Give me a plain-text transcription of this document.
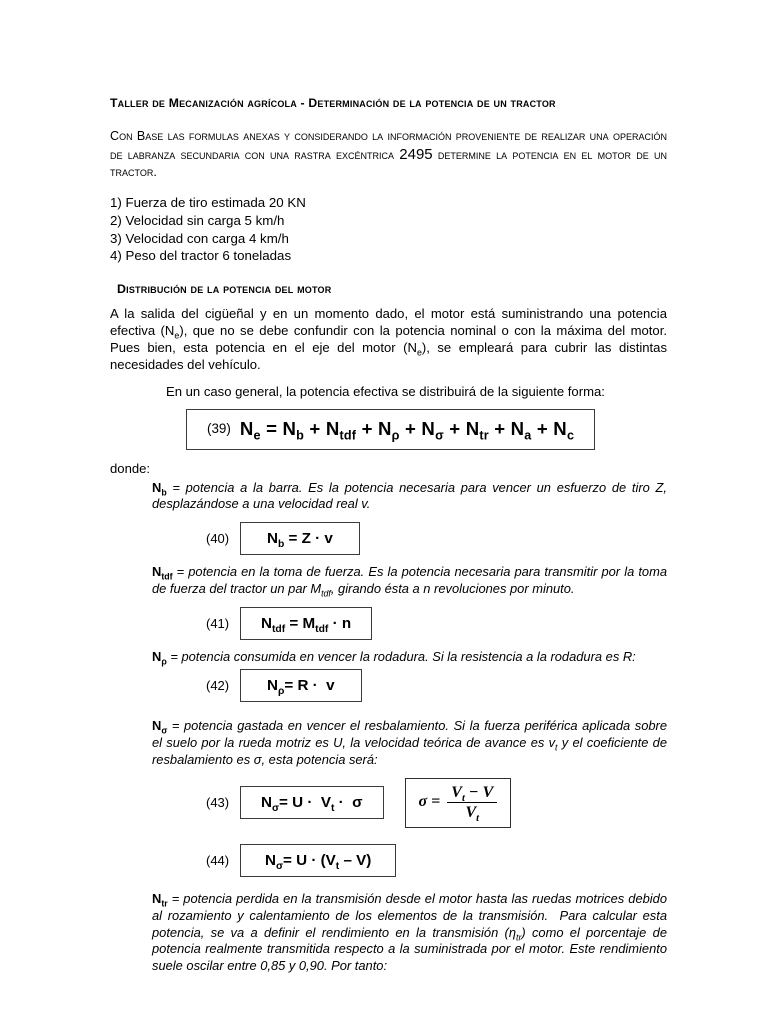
Taller de Mecanización agrícola - Determinación de la potencia de un tractor

Con Base las formulas anexas y considerando la información proveniente de realizar una operación de labranza secundaria con una rastra excéntrica 2495 determine la potencia en el motor de un tractor.

1) Fuerza de tiro estimada 20 KN
2) Velocidad sin carga 5 km/h
3) Velocidad con carga 4 km/h
4) Peso del tractor 6 toneladas
Distribución de la potencia del motor

A la salida del cigüeñal y en un momento dado, el motor está suministrando una potencia efectiva $(N_e)$, que no se debe confundir con la potencia nominal o con la máxima del motor. Pues bien, esta potencia en el eje del motor $(N_e)$, se empleará para cubrir las distintas necesidades del vehículo.

En un caso general, la potencia efectiva se distribuirá de la siguiente forma:

(39) $N_e = N_b + N_{tdf} + N_\rho + N_\sigma + N_{tr} + N_a + N_c$

donde:

$N_b$ = potencia a la barra. Es la potencia necesaria para vencer un esfuerzo de tiro Z, desplazándose a una velocidad real v.

(40)	$N_b = Z \cdot v$

$N_{tdf}$ = potencia en la toma de fuerza. Es la potencia necesaria para transmitir por la toma de fuerza del tractor un par $M_{tdf}$, girando ésta a n revoluciones por minuto.

(41)	$N_{tdf} = M_{tdf} \cdot n$

$N_\rho$ = potencia consumida en vencer la rodadura. Si la resistencia a la rodadura es R:

(42)	$N_\rho= R \cdot v$

$N_\sigma$ = potencia gastada en vencer el resbalamiento. Si la fuerza periférica aplicada sobre el suelo por la rueda motriz es U, la velocidad teórica de avance es $v_t$ y el coeficiente de resbalamiento es σ, esta potencia será:

(43)	$N_\sigma= U \cdot V_t \cdot \sigma$	$\sigma = \frac{V_t - V}{V_t}$
(44)	$N_\sigma= U \cdot (V_t - V)$

$N_{tr}$ = potencia perdida en la transmisión desde el motor hasta las ruedas motrices debido al rozamiento y calentamiento de los elementos de la transmisión.  Para calcular esta potencia, se va a definir el rendimiento en la transmisión $(\eta_{tr})$ como el porcentaje de potencia realmente transmitida respecto a la suministrada por el motor. Este rendimiento suele oscilar entre 0,85 y 0,90. Por tanto:
